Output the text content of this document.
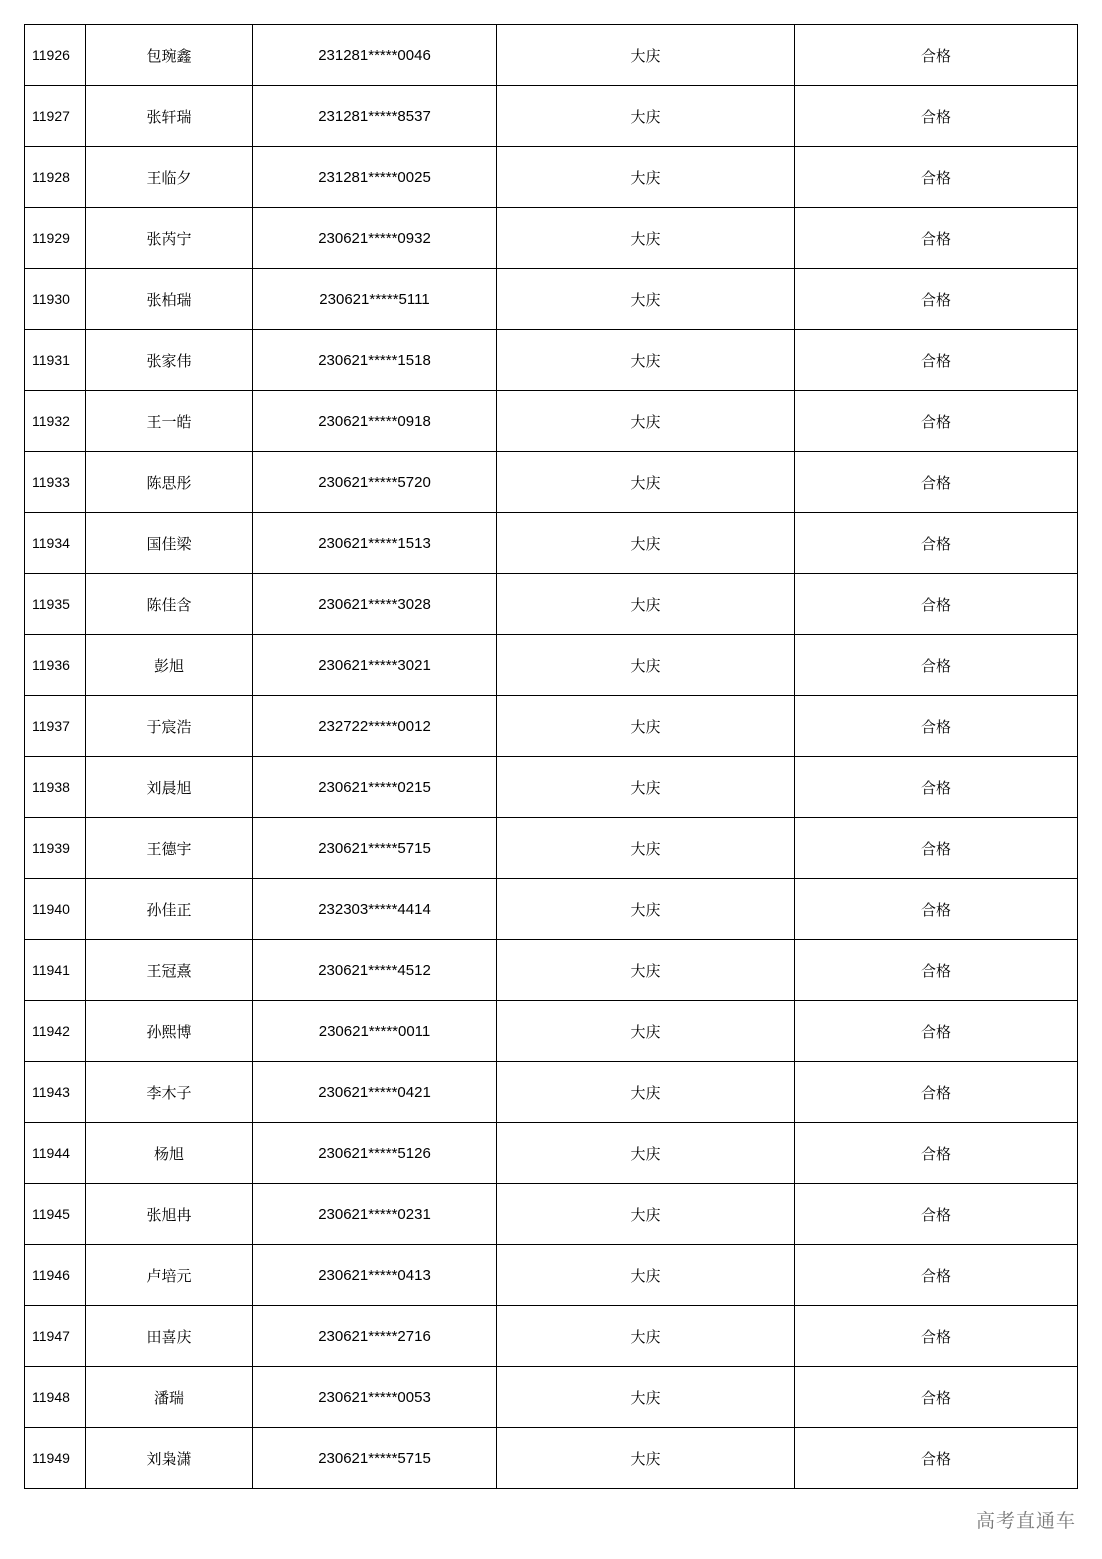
11926	包琬鑫	231281*****0046	大庆	合格
11927	张轩瑞	231281*****8537	大庆	合格
11928	王临夕	231281*****0025	大庆	合格
11929	张芮宁	230621*****0932	大庆	合格
11930	张柏瑞	230621*****5111	大庆	合格
11931	张家伟	230621*****1518	大庆	合格
11932	王一皓	230621*****0918	大庆	合格
11933	陈思彤	230621*****5720	大庆	合格
11934	国佳梁	230621*****1513	大庆	合格
11935	陈佳含	230621*****3028	大庆	合格
11936	彭旭	230621*****3021	大庆	合格
11937	于宸浩	232722*****0012	大庆	合格
11938	刘晨旭	230621*****0215	大庆	合格
11939	王德宇	230621*****5715	大庆	合格
11940	孙佳正	232303*****4414	大庆	合格
11941	王冠熹	230621*****4512	大庆	合格
11942	孙熙博	230621*****0011	大庆	合格
11943	李木子	230621*****0421	大庆	合格
11944	杨旭	230621*****5126	大庆	合格
11945	张旭冉	230621*****0231	大庆	合格
11946	卢培元	230621*****0413	大庆	合格
11947	田喜庆	230621*****2716	大庆	合格
11948	潘瑞	230621*****0053	大庆	合格
11949	刘枭潇	230621*****5715	大庆	合格
高考直通车
